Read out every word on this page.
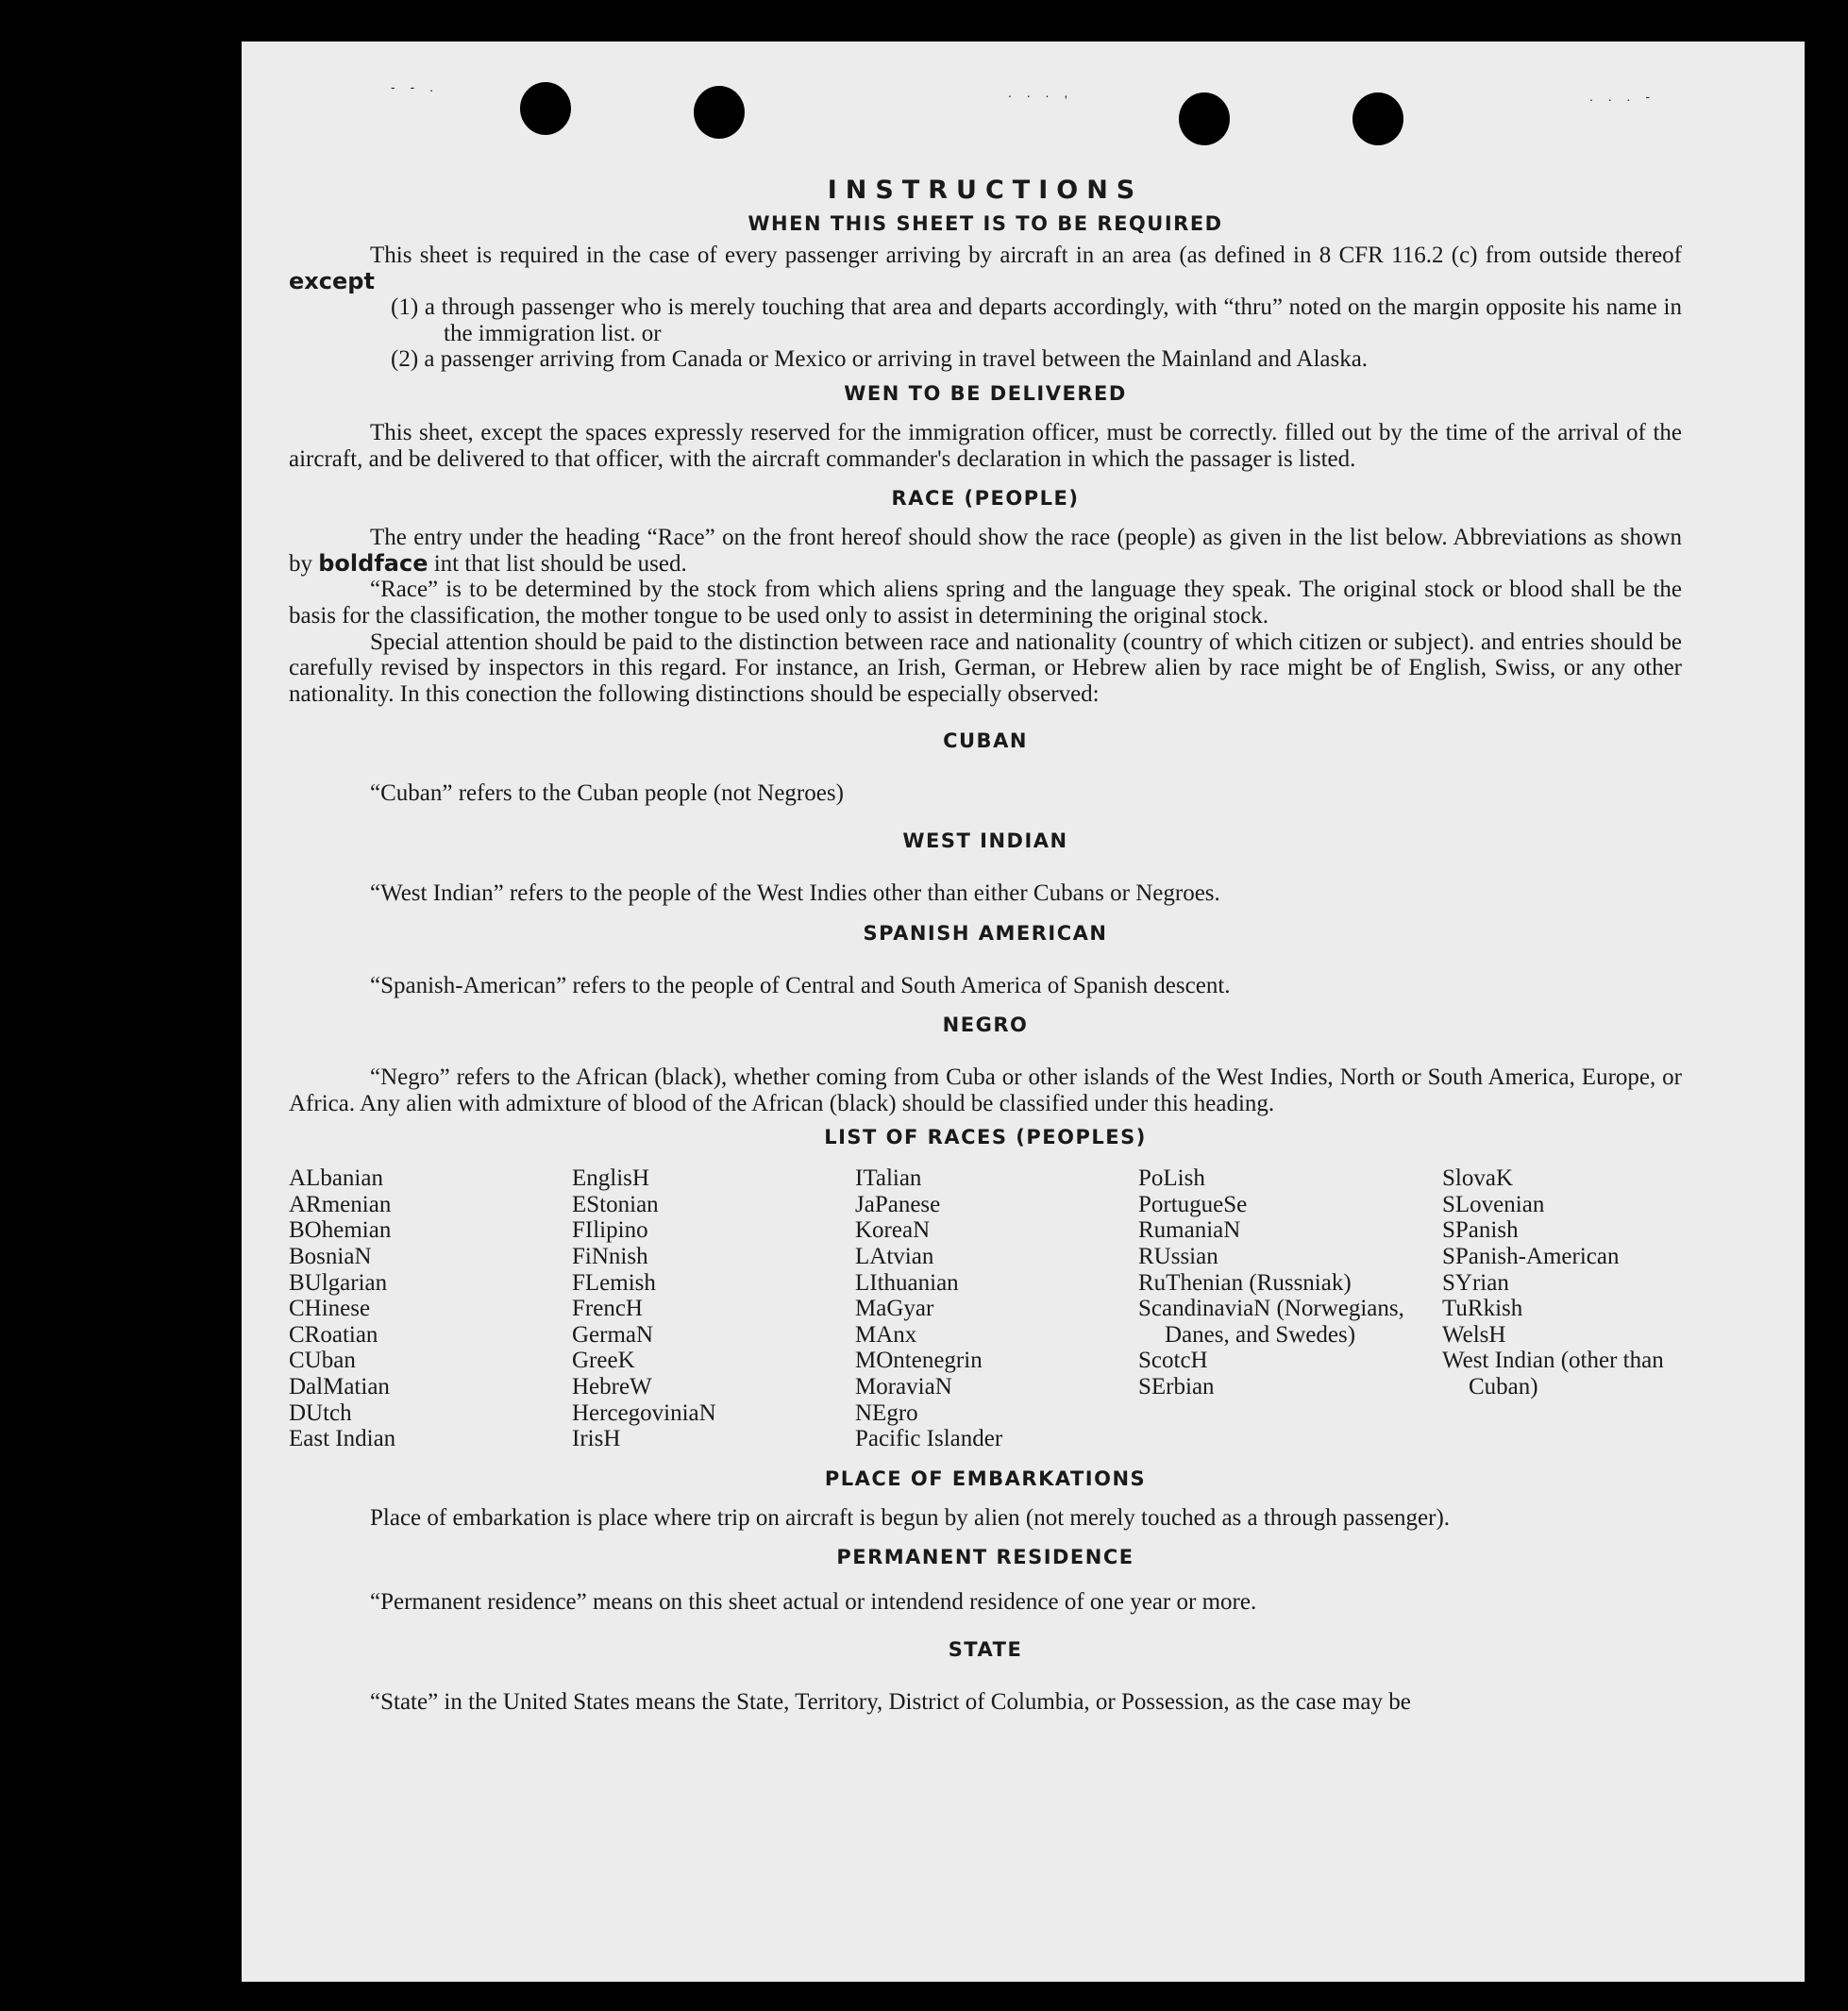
- - .	. . . ,	. . . -
INSTRUCTIONS
WHEN THIS SHEET IS TO BE REQUIRED

This sheet is required in the case of every passenger arriving by aircraft in an area (as defined in 8 CFR 116.2 (c) from outside thereof except

(1) a through passenger who is merely touching that area and departs accordingly, with “thru” noted on the margin opposite his name in the immigration list. or

(2) a passenger arriving from Canada or Mexico or arriving in travel between the Mainland and Alaska.

WEN TO BE DELIVERED

This sheet, except the spaces expressly reserved for the immigration officer, must be correctly. filled out by the time of the arrival of the aircraft, and be delivered to that officer, with the aircraft commander's declaration in which the passager is listed.

RACE (PEOPLE)

The entry under the heading “Race” on the front hereof should show the race (people) as given in the list below. Abbreviations as shown by boldface int that list should be used.

“Race” is to be determined by the stock from which aliens spring and the language they speak. The original stock or blood shall be the basis for the classification, the mother tongue to be used only to assist in determining the original stock.

Special attention should be paid to the distinction between race and nationality (country of which citizen or subject). and entries should be carefully revised by inspectors in this regard. For instance, an Irish, German, or Hebrew alien by race might be of English, Swiss, or any other nationality. In this conection the following distinctions should be especially observed:

CUBAN

“Cuban” refers to the Cuban people (not Negroes)

WEST INDIAN

“West Indian” refers to the people of the West Indies other than either Cubans or Negroes.

SPANISH AMERICAN

“Spanish-American” refers to the people of Central and South America of Spanish descent.

NEGRO

“Negro” refers to the African (black), whether coming from Cuba or other islands of the West Indies, North or South America, Europe, or Africa. Any alien with admixture of blood of the African (black) should be classified under this heading.

LIST OF RACES (PEOPLES)
ALbanian
ARmenian
BOhemian
BosniaN
BUlgarian
CHinese
CRoatian
CUban
DalMatian
DUtch
East Indian
EnglisH
EStonian
FIlipino
FiNnish
FLemish
FrencH
GermaN
GreeK
HebreW
HercegoviniaN
IrisH
ITalian
JaPanese
KoreaN
LAtvian
LIthuanian
MaGyar
MAnx
MOntenegrin
MoraviaN
NEgro
Pacific Islander
PoLish
PortugueSe
RumaniaN
RUssian
RuThenian (Russniak)
ScandinaviaN (Norwegians, Danes, and Swedes)
ScotcH
SErbian
SlovaK
SLovenian
SPanish
SPanish-American
SYrian
TuRkish
WelsH
West Indian (other than Cuban)
PLACE OF EMBARKATIONS

Place of embarkation is place where trip on aircraft is begun by alien (not merely touched as a through passenger).

PERMANENT RESIDENCE

“Permanent residence” means on this sheet actual or intendend residence of one year or more.

STATE

“State” in the United States means the State, Territory, District of Columbia, or Possession, as the case may be
